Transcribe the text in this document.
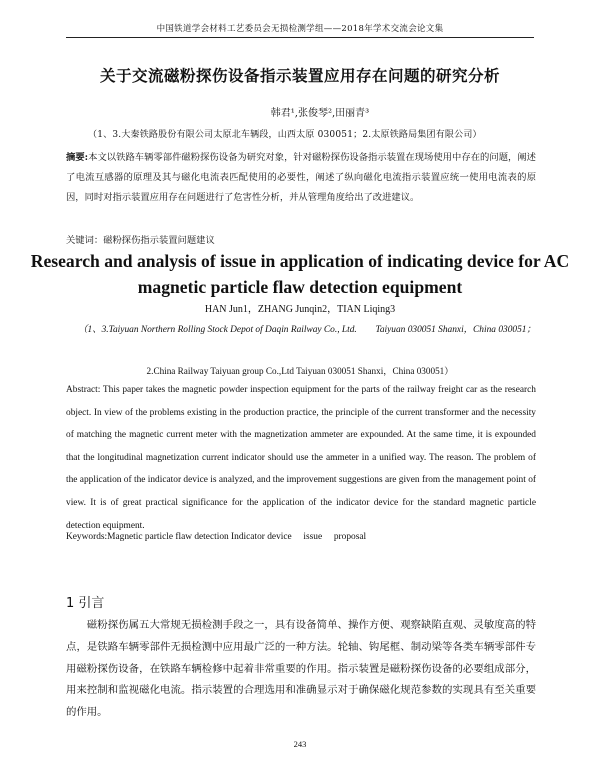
中国铁道学会材料工艺委员会无损检测学组——2018年学术交流会论文集
关于交流磁粉探伤设备指示装置应用存在问题的研究分析
韩君¹,张俊琴²,田丽青³
（1、3.大秦铁路股份有限公司太原北车辆段，山西太原 030051；2.太原铁路局集团有限公司）
摘要:本文以铁路车辆零部件磁粉探伤设备为研究对象，针对磁粉探伤设备指示装置在现场使用中存在的问题，阐述了电流互感器的原理及其与磁化电流表匹配使用的必要性，阐述了纵向磁化电流指示装置应统一使用电流表的原因，同时对指示装置应用存在问题进行了危害性分析，并从管理角度给出了改进建议。
关键词：磁粉探伤指示装置问题建议
Research and analysis of issue in application of indicating device for AC magnetic particle flaw detection equipment
HAN Jun1，ZHANG Junqin2，TIAN Liqing3
（1、3.Taiyuan Northern Rolling Stock Depot of Daqin Railway Co., Ltd.　　Taiyuan 030051 Shanxi，China 030051；
2.China Railway Taiyuan group Co.,Ltd Taiyuan 030051 Shanxi，China 030051）
Abstract: This paper takes the magnetic powder inspection equipment for the parts of the railway freight car as the research object. In view of the problems existing in the production practice, the principle of the current transformer and the necessity of matching the magnetic current meter with the magnetization ammeter are expounded. At the same time, it is expounded that the longitudinal magnetization current indicator should use the ammeter in a unified way. The reason. The problem of the application of the indicator device is analyzed, and the improvement suggestions are given from the management point of view. It is of great practical significance for the application of the indicator device for the standard magnetic particle detection equipment.
Keywords:Magnetic particle flaw detection Indicator device　 issue　 proposal
1 引言

磁粉探伤属五大常规无损检测手段之一，具有设备简单、操作方便、观察缺陷直观、灵敏度高的特点，是铁路车辆零部件无损检测中应用最广泛的一种方法。轮轴、钩尾框、制动梁等各类车辆零部件专用磁粉探伤设备，在铁路车辆检修中起着非常重要的作用。指示装置是磁粉探伤设备的必要组成部分，用来控制和监视磁化电流。指示装置的合理选用和准确显示对于确保磁化规范参数的实现具有至关重要的作用。

243
